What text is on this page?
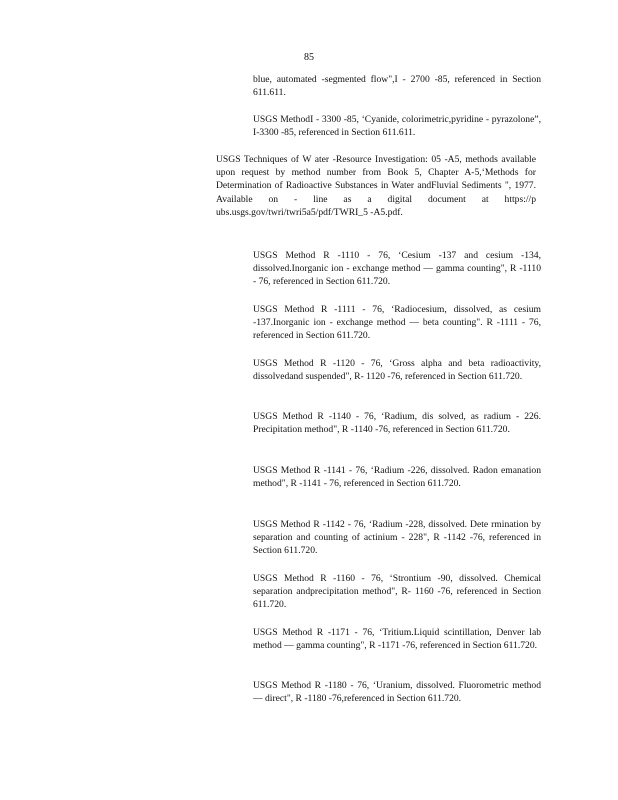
85

blue, automated -segmented flow",I - 2700 -85, referenced in Section 611.611.

USGS MethodI - 3300 -85, ‘Cyanide, colorimetric,pyridine - pyrazolone”, I-3300 -85, referenced in Section 611.611.

USGS Techniques of W ater -Resource Investigation: 05 -A5, methods available upon request by method number from Book 5, Chapter A-5,‘Methods for Determination of Radioactive Substances in Water andFluvial Sediments ", 1977. Available on - line as a digital document at https://p ubs.usgs.gov/twri/twri5a5/pdf/TWRI_5 -A5.pdf.

USGS Method R -1110 - 76, ‘Cesium -137 and cesium -134, dissolved.Inorganic ion - exchange method — gamma counting", R -1110 - 76, referenced in Section 611.720.

USGS Method R -1111 - 76, ‘Radiocesium, dissolved, as cesium -137.Inorganic ion - exchange method — beta counting". R -1111 - 76, referenced in Section 611.720.

USGS Method R -1120 - 76, ‘Gross alpha and beta radioactivity, dissolvedand suspended", R- 1120 -76, referenced in Section 611.720.

USGS Method R -1140 - 76, ‘Radium, dis solved, as radium - 226. Precipitation method", R -1140 -76, referenced in Section 611.720.

USGS Method R -1141 - 76, ‘Radium -226, dissolved. Radon emanation method", R -1141 - 76, referenced in Section 611.720.

USGS Method R -1142 - 76, ‘Radium -228, dissolved. Dete rmination by separation and counting of actinium - 228", R -1142 -76, referenced in Section 611.720.

USGS Method R -1160 - 76, ‘Strontium -90, dissolved. Chemical separation andprecipitation method", R- 1160 -76, referenced in Section 611.720.

USGS Method R -1171 - 76, ‘Tritium.Liquid scintillation, Denver lab method — gamma counting", R -1171 -76, referenced in Section 611.720.

USGS Method R -1180 - 76, ‘Uranium, dissolved. Fluorometric method — direct", R -1180 -76,referenced in Section 611.720.
